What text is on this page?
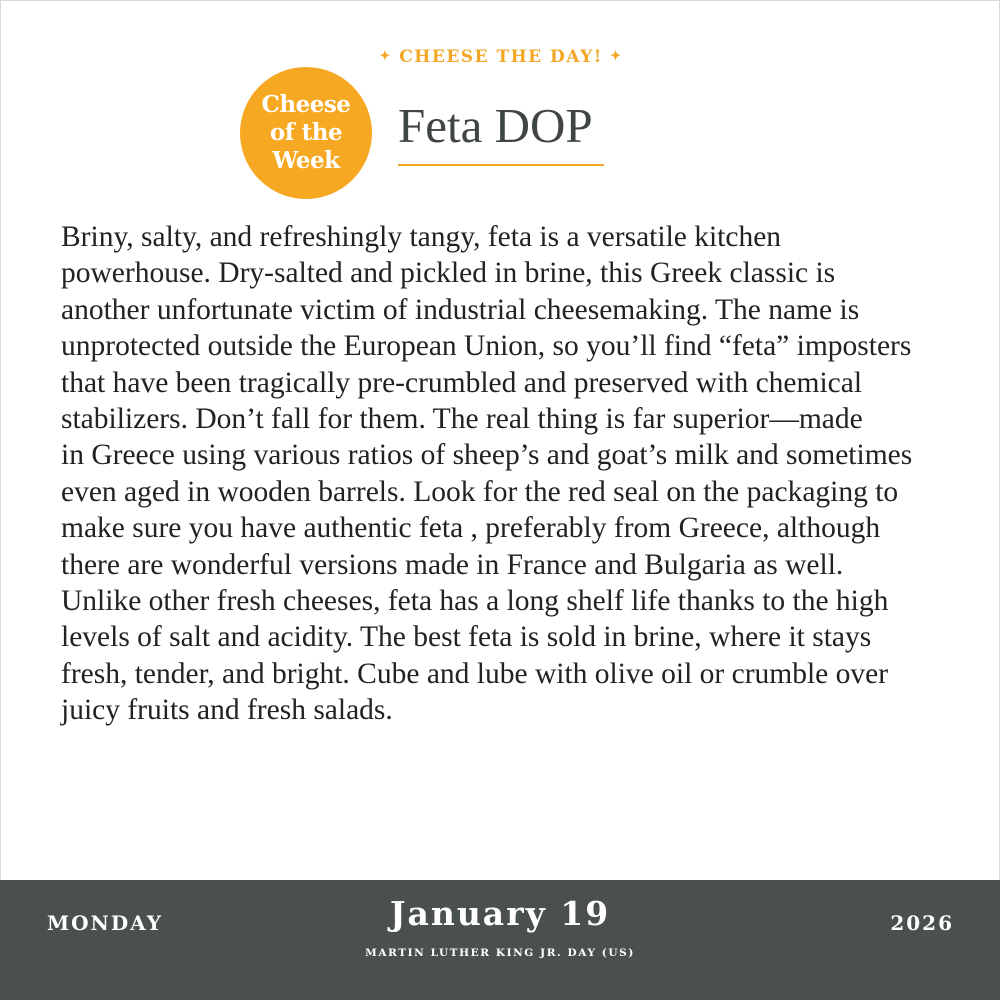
✦ CHEESE THE DAY! ✦
Cheese
of the
Week
Feta DOP
Briny, salty, and refreshingly tangy, feta is a versatile kitchen
powerhouse. Dry-salted and pickled in brine, this Greek classic is
another unfortunate victim of industrial cheesemaking. The name is
unprotected outside the European Union, so you’ll find “feta” imposters
that have been tragically pre-crumbled and preserved with chemical
stabilizers. Don’t fall for them. The real thing is far superior—made
in Greece using various ratios of sheep’s and goat’s milk and sometimes
even aged in wooden barrels. Look for the red seal on the packaging to
make sure you have authentic feta , preferably from Greece, although
there are wonderful versions made in France and Bulgaria as well.
Unlike other fresh cheeses, feta has a long shelf life thanks to the high
levels of salt and acidity. The best feta is sold in brine, where it stays
fresh, tender, and bright. Cube and lube with olive oil or crumble over
juicy fruits and fresh salads.
MONDAY	January 19
MARTIN LUTHER KING JR. DAY (US)
2026
